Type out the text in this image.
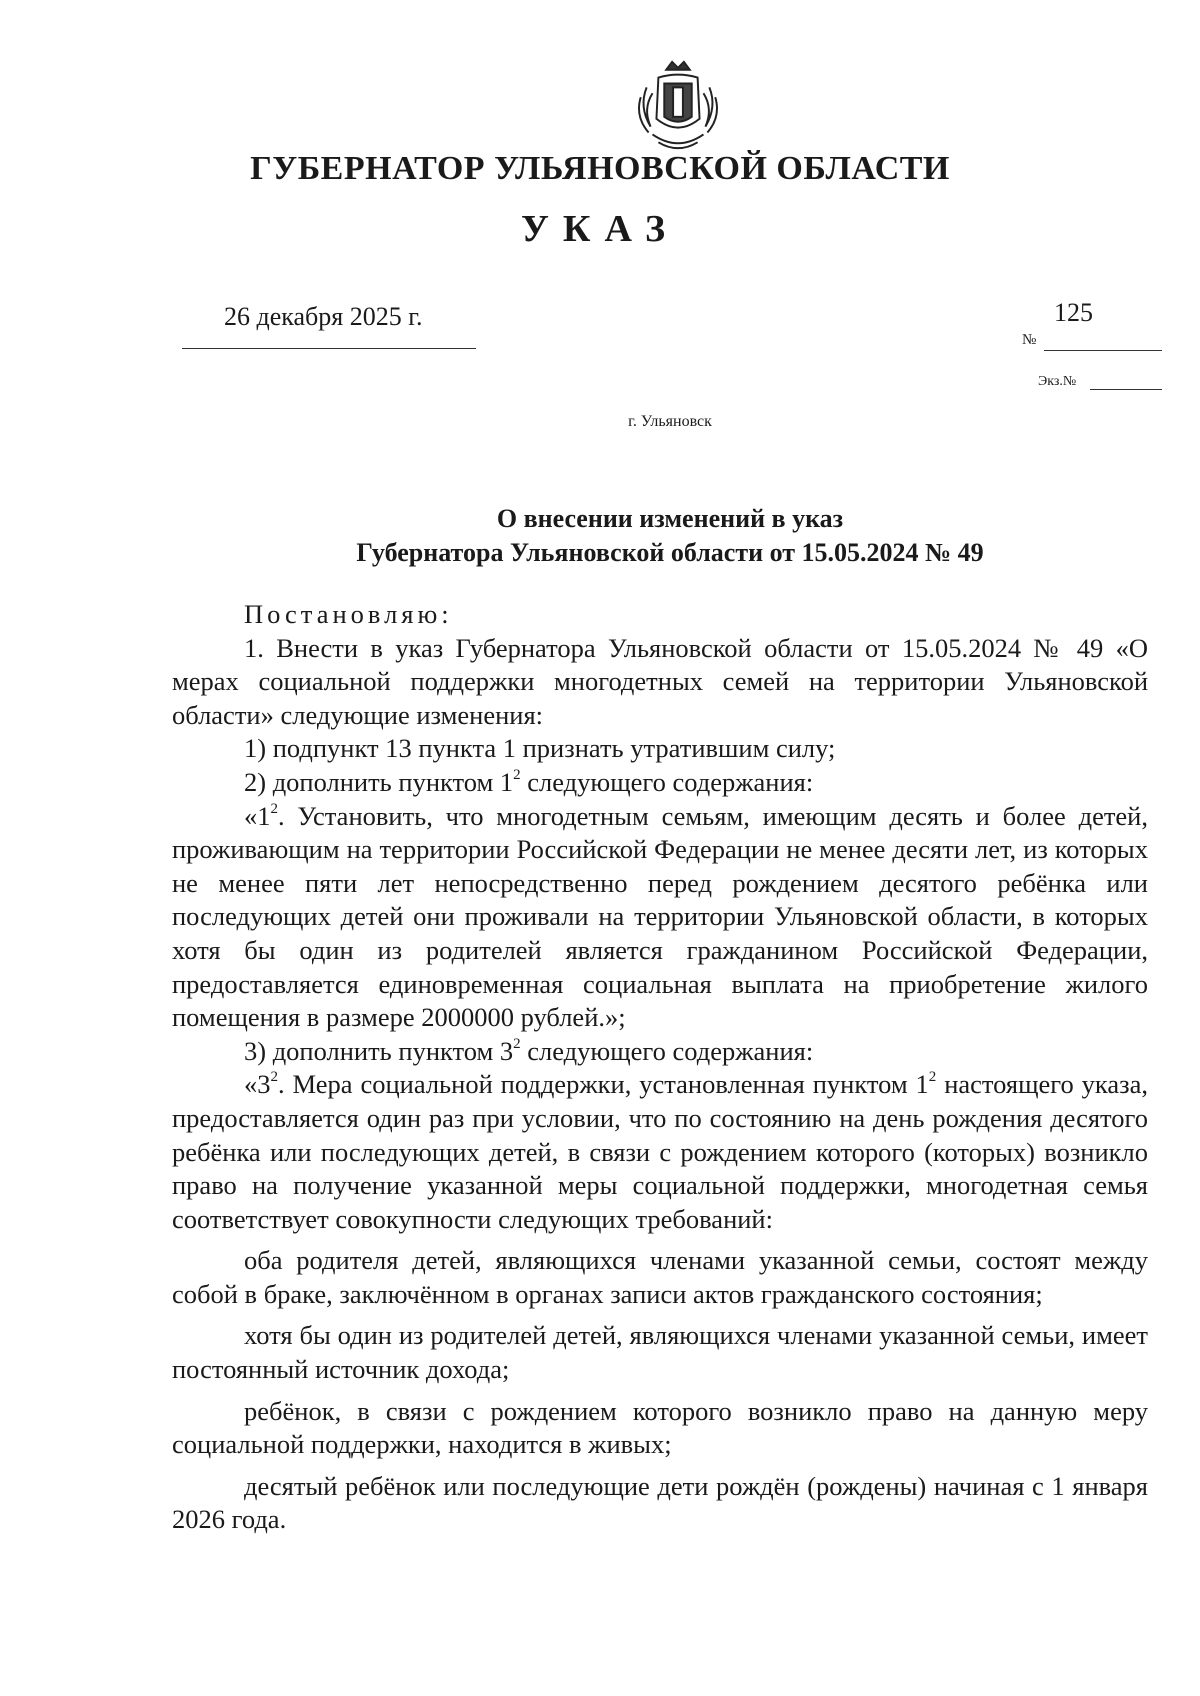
ГУБЕРНАТОР УЛЬЯНОВСКОЙ ОБЛАСТИ
УКАЗ
26 декабря 2025 г.	125
№
Экз.№
г. Ульяновск
О внесении изменений в указ
Губернатора Ульяновской области от 15.05.2024 № 49

Постановляю:

1. Внести в указ Губернатора Ульяновской области от 15.05.2024 № 49 «О мерах социальной поддержки многодетных семей на территории Ульяновской области» следующие изменения:

1) подпункт 13 пункта 1 признать утратившим силу;

2) дополнить пунктом $1^2$ следующего содержания:

«$1^2$. Установить, что многодетным семьям, имеющим десять и более детей, проживающим на территории Российской Федерации не менее десяти лет, из которых не менее пяти лет непосредственно перед рождением десятого ребёнка или последующих детей они проживали на территории Ульяновской области, в которых хотя бы один из родителей является гражданином Российской Федерации, предоставляется единовременная социальная выплата на приобретение жилого помещения в размере 2000000 рублей.»;

3) дополнить пунктом $3^2$ следующего содержания:

«$3^2$. Мера социальной поддержки, установленная пунктом $1^2$ настоящего указа, предоставляется один раз при условии, что по состоянию на день рождения десятого ребёнка или последующих детей, в связи с рождением которого (которых) возникло право на получение указанной меры социальной поддержки, многодетная семья соответствует совокупности следующих требований:

оба родителя детей, являющихся членами указанной семьи, состоят между собой в браке, заключённом в органах записи актов гражданского состояния;

хотя бы один из родителей детей, являющихся членами указанной семьи, имеет постоянный источник дохода;

ребёнок, в связи с рождением которого возникло право на данную меру социальной поддержки, находится в живых;

десятый ребёнок или последующие дети рождён (рождены) начиная с 1 января 2026 года.
